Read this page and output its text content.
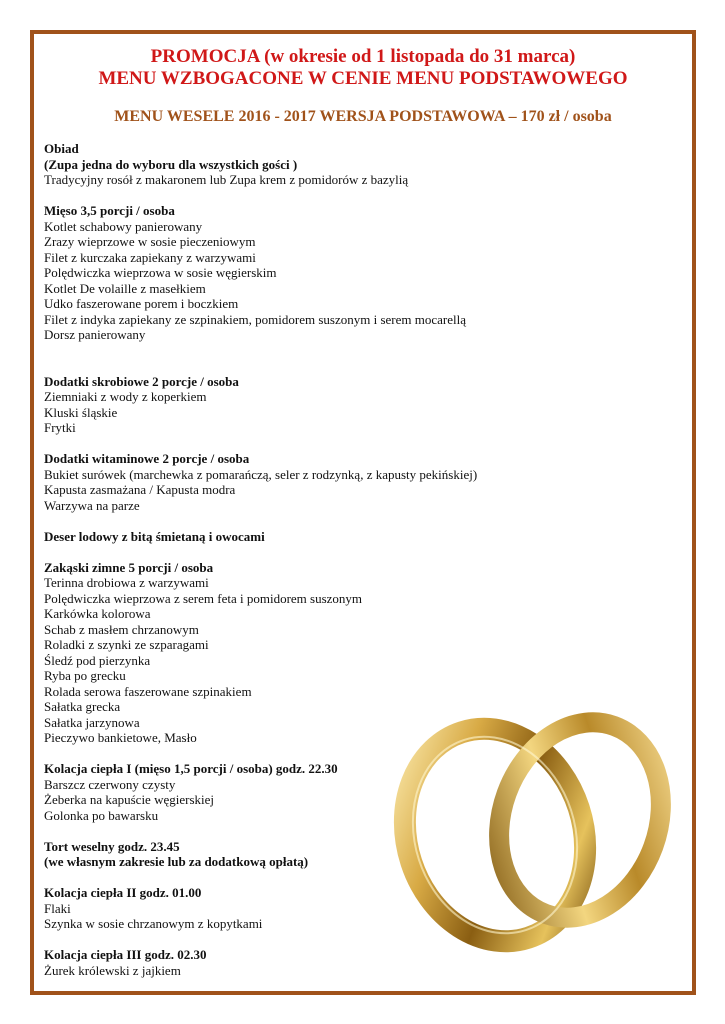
PROMOCJA (w okresie od 1 listopada do 31 marca)
MENU WZBOGACONE W CENIE MENU PODSTAWOWEGO
MENU WESELE 2016 - 2017 WERSJA PODSTAWOWA – 170 zł / osoba
Obiad
(Zupa jedna do wyboru dla wszystkich gości )
Tradycyjny rosół z makaronem lub Zupa krem z pomidorów z bazylią
Mięso 3,5 porcji / osoba
Kotlet schabowy panierowany
Zrazy wieprzowe w sosie pieczeniowym
Filet z kurczaka zapiekany z warzywami
Polędwiczka wieprzowa w sosie węgierskim
Kotlet De volaille z masełkiem
Udko faszerowane porem i boczkiem
Filet z indyka zapiekany ze szpinakiem, pomidorem suszonym i serem mocarellą
Dorsz panierowany
Dodatki skrobiowe 2 porcje / osoba
Ziemniaki z wody z koperkiem
Kluski śląskie
Frytki
Dodatki witaminowe 2 porcje / osoba
Bukiet surówek (marchewka z pomarańczą, seler z rodzynką, z kapusty pekińskiej)
Kapusta zasmażana / Kapusta modra
Warzywa na parze
Deser lodowy z bitą śmietaną i owocami
Zakąski zimne 5 porcji / osoba
Terinna drobiowa z warzywami
Polędwiczka wieprzowa z serem feta i pomidorem suszonym
Karkówka kolorowa
Schab z masłem chrzanowym
Roladki z szynki ze szparagami
Śledź pod pierzynka
Ryba po grecku
Rolada serowa faszerowane szpinakiem
Sałatka grecka
Sałatka jarzynowa
Pieczywo bankietowe, Masło
Kolacja ciepła I (mięso 1,5 porcji / osoba) godz. 22.30
Barszcz czerwony czysty
Żeberka na kapuście węgierskiej
Golonka po bawarsku
Tort weselny godz. 23.45
(we własnym zakresie lub za dodatkową opłatą)
Kolacja ciepła II godz. 01.00
Flaki
Szynka w sosie chrzanowym z kopytkami
Kolacja ciepła III godz. 02.30
Żurek królewski z jajkiem
